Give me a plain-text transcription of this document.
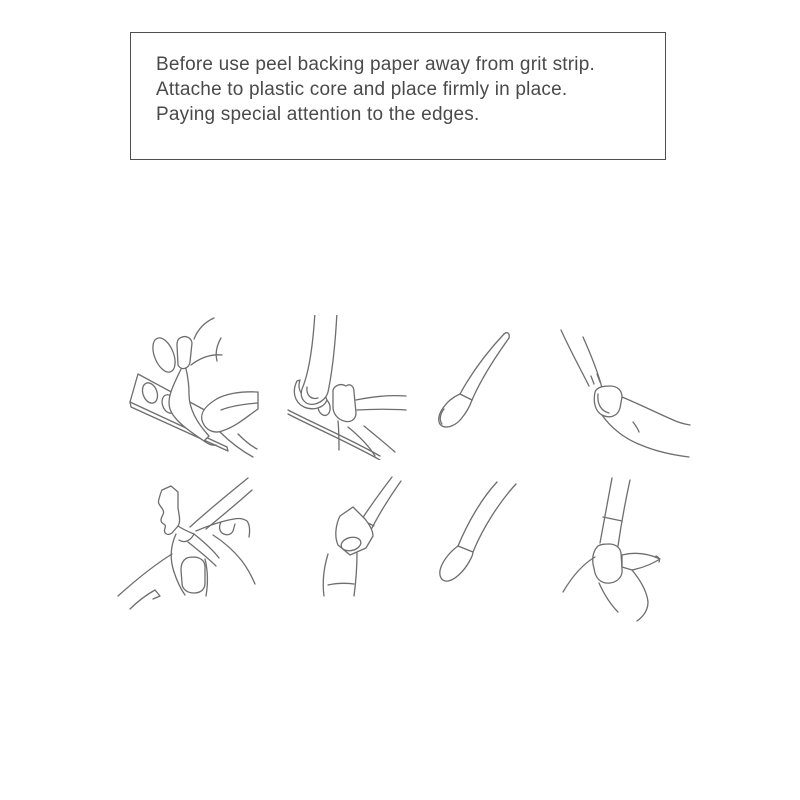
Before use peel backing paper away from grit strip.

Attache to plastic core and place firmly in place.

Paying special attention to the edges.
